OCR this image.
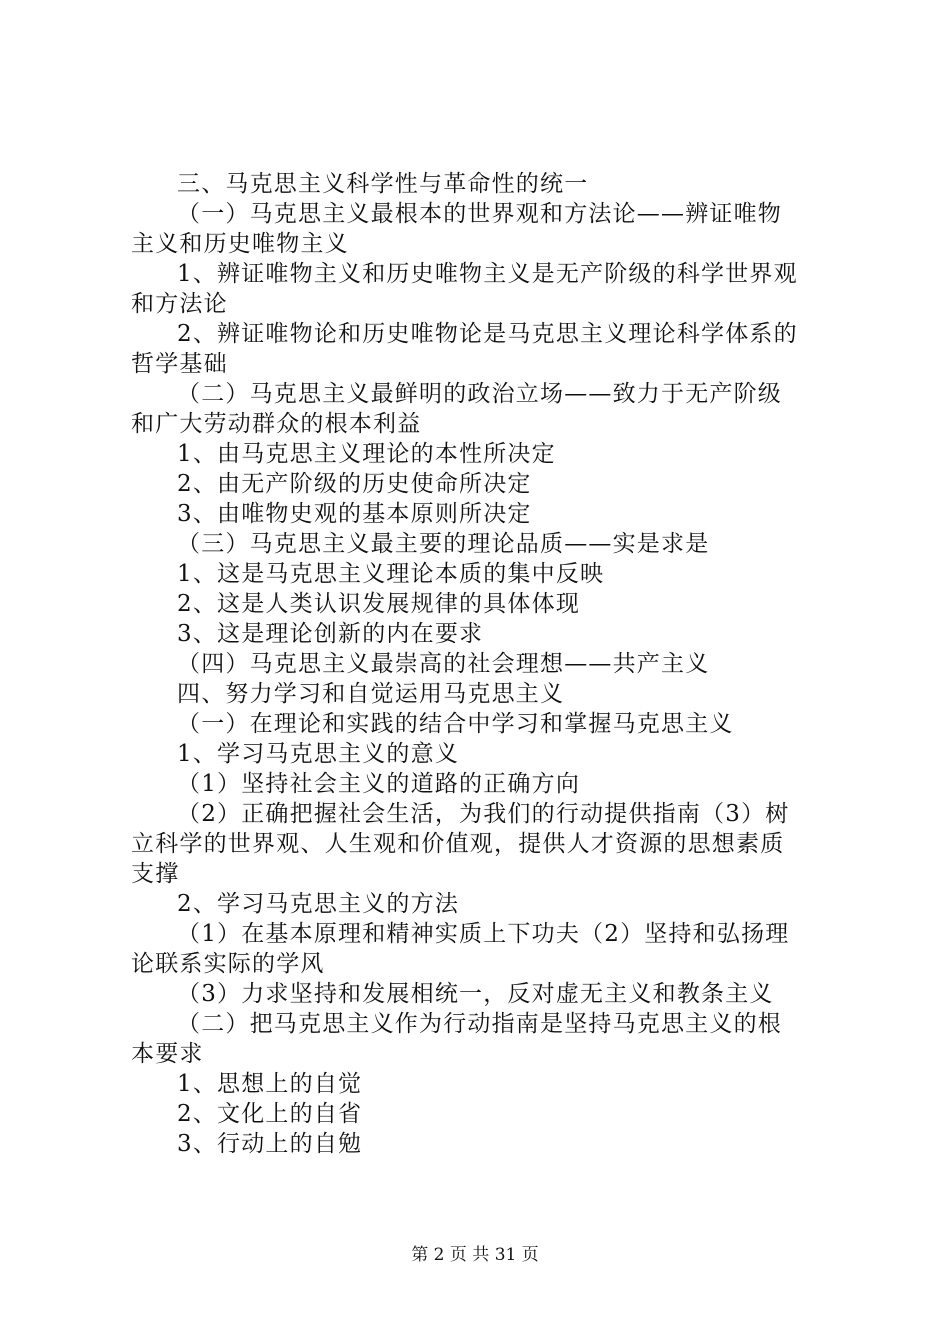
三、马克思主义科学性与革命性的统一
（一）马克思主义最根本的世界观和方法论——辨证唯物
主义和历史唯物主义
1、辨证唯物主义和历史唯物主义是无产阶级的科学世界观
和方法论
2、辨证唯物论和历史唯物论是马克思主义理论科学体系的
哲学基础
（二）马克思主义最鲜明的政治立场——致力于无产阶级
和广大劳动群众的根本利益
1、由马克思主义理论的本性所决定
2、由无产阶级的历史使命所决定
3、由唯物史观的基本原则所决定
（三）马克思主义最主要的理论品质——实是求是
1、这是马克思主义理论本质的集中反映
2、这是人类认识发展规律的具体体现
3、这是理论创新的内在要求
（四）马克思主义最崇高的社会理想——共产主义
四、努力学习和自觉运用马克思主义
（一）在理论和实践的结合中学习和掌握马克思主义
1、学习马克思主义的意义
（1）坚持社会主义的道路的正确方向
（2）正确把握社会生活，为我们的行动提供指南（3）树
立科学的世界观、人生观和价值观，提供人才资源的思想素质
支撑
2、学习马克思主义的方法
（1）在基本原理和精神实质上下功夫（2）坚持和弘扬理
论联系实际的学风
（3）力求坚持和发展相统一，反对虚无主义和教条主义
（二）把马克思主义作为行动指南是坚持马克思主义的根
本要求
1、思想上的自觉
2、文化上的自省
3、行动上的自勉
第 2 页 共 31 页
